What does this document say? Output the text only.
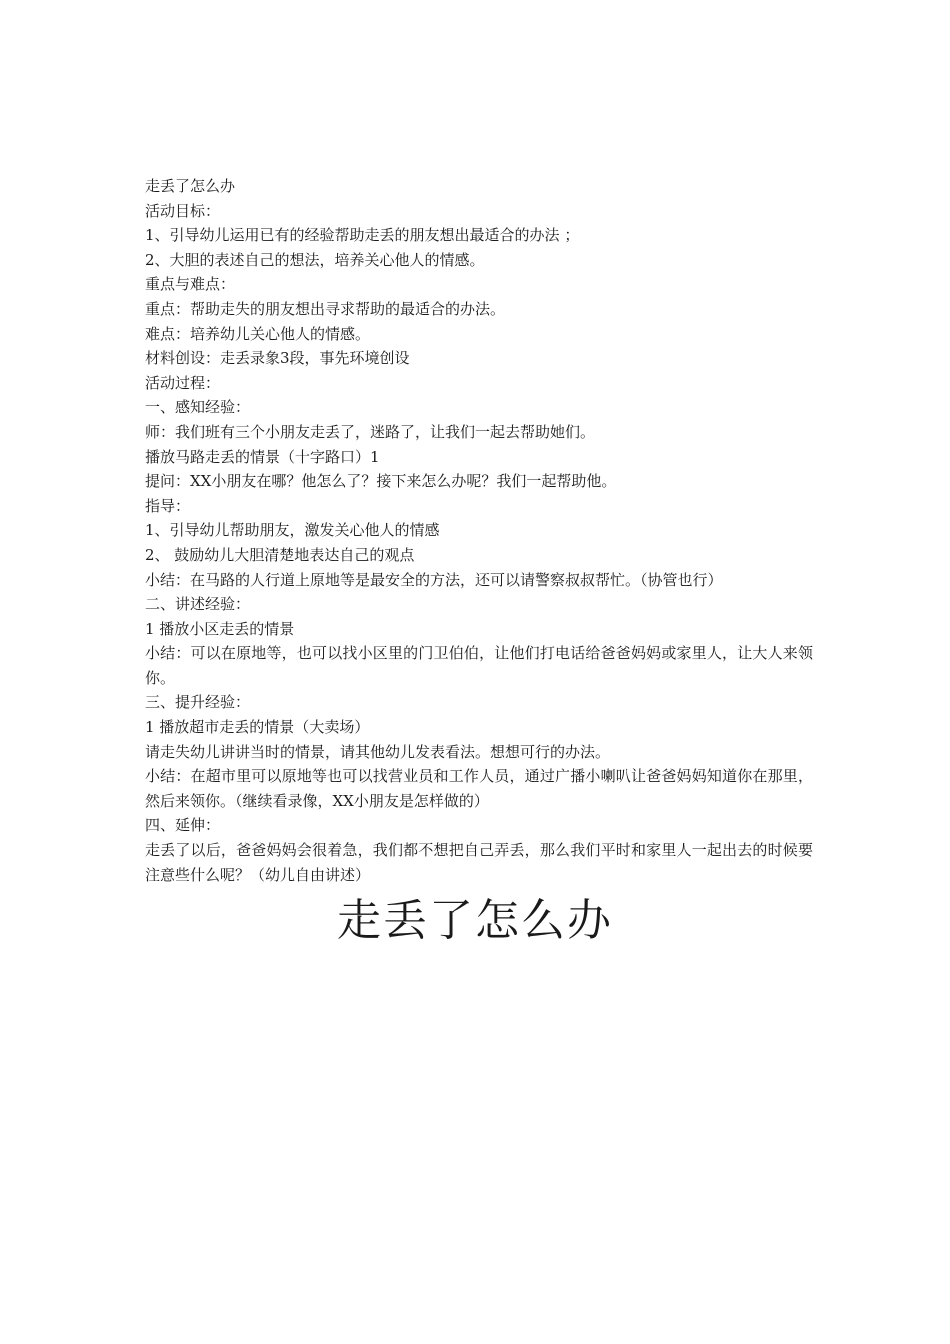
走丢了怎么办
活动目标：
1、引导幼儿运用已有的经验帮助走丢的朋友想出最适合的办法 ；
2、大胆的表述自己的想法，培养关心他人的情感。
重点与难点：
重点：帮助走失的朋友想出寻求帮助的最适合的办法。
难点：培养幼儿关心他人的情感。
材料创设：走丢录象3段，事先环境创设
活动过程：
一、感知经验：
师：我们班有三个小朋友走丢了，迷路了，让我们一起去帮助她们。
播放马路走丢的情景（十字路口）1
提问：XX小朋友在哪？他怎么了？接下来怎么办呢？我们一起帮助他。
指导：
1、引导幼儿帮助朋友，激发关心他人的情感
2、 鼓励幼儿大胆清楚地表达自己的观点
小结：在马路的人行道上原地等是最安全的方法，还可以请警察叔叔帮忙。（协管也行）
二、讲述经验：
1 播放小区走丢的情景
小结：可以在原地等，也可以找小区里的门卫伯伯，让他们打电话给爸爸妈妈或家里人，让大人来领你。
三、提升经验：
1 播放超市走丢的情景（大卖场）
请走失幼儿讲讲当时的情景，请其他幼儿发表看法。想想可行的办法。
小结：在超市里可以原地等也可以找营业员和工作人员，通过广播小喇叭让爸爸妈妈知道你在那里，然后来领你。（继续看录像，XX小朋友是怎样做的）
四、延伸：
走丢了以后，爸爸妈妈会很着急，我们都不想把自己弄丢，那么我们平时和家里人一起出去的时候要注意些什么呢？（幼儿自由讲述）
走丢了怎么办
